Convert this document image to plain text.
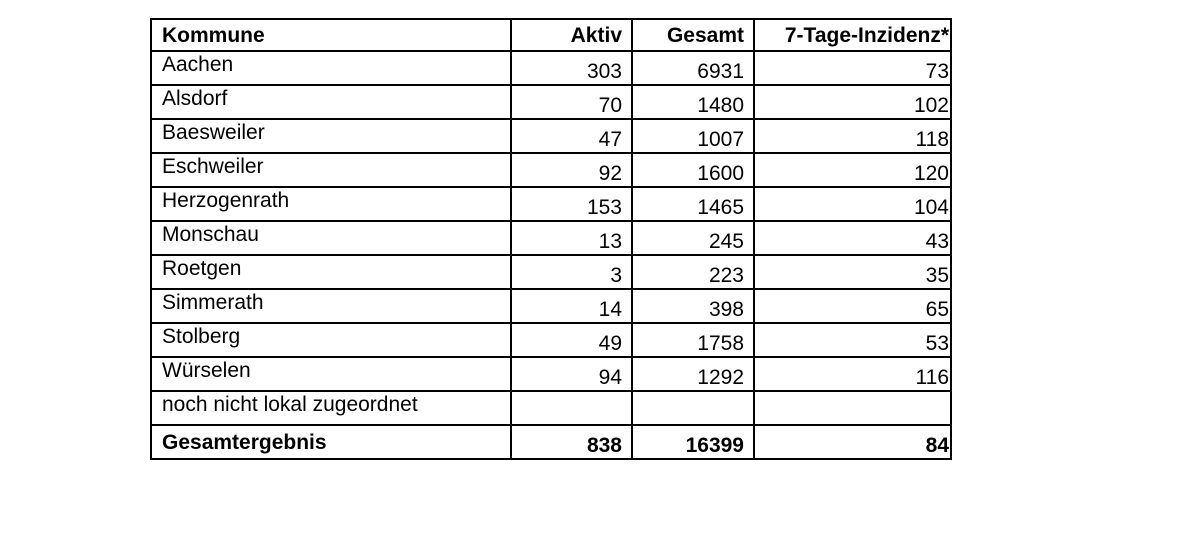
Kommune	Aktiv	Gesamt	7-Tage-Inzidenz*
Aachen	303	6931	73
Alsdorf	70	1480	102
Baesweiler	47	1007	118
Eschweiler	92	1600	120
Herzogenrath	153	1465	104
Monschau	13	245	43
Roetgen	3	223	35
Simmerath	14	398	65
Stolberg	49	1758	53
Würselen	94	1292	116
noch nicht lokal zugeordnet			
Gesamtergebnis	838	16399	84
